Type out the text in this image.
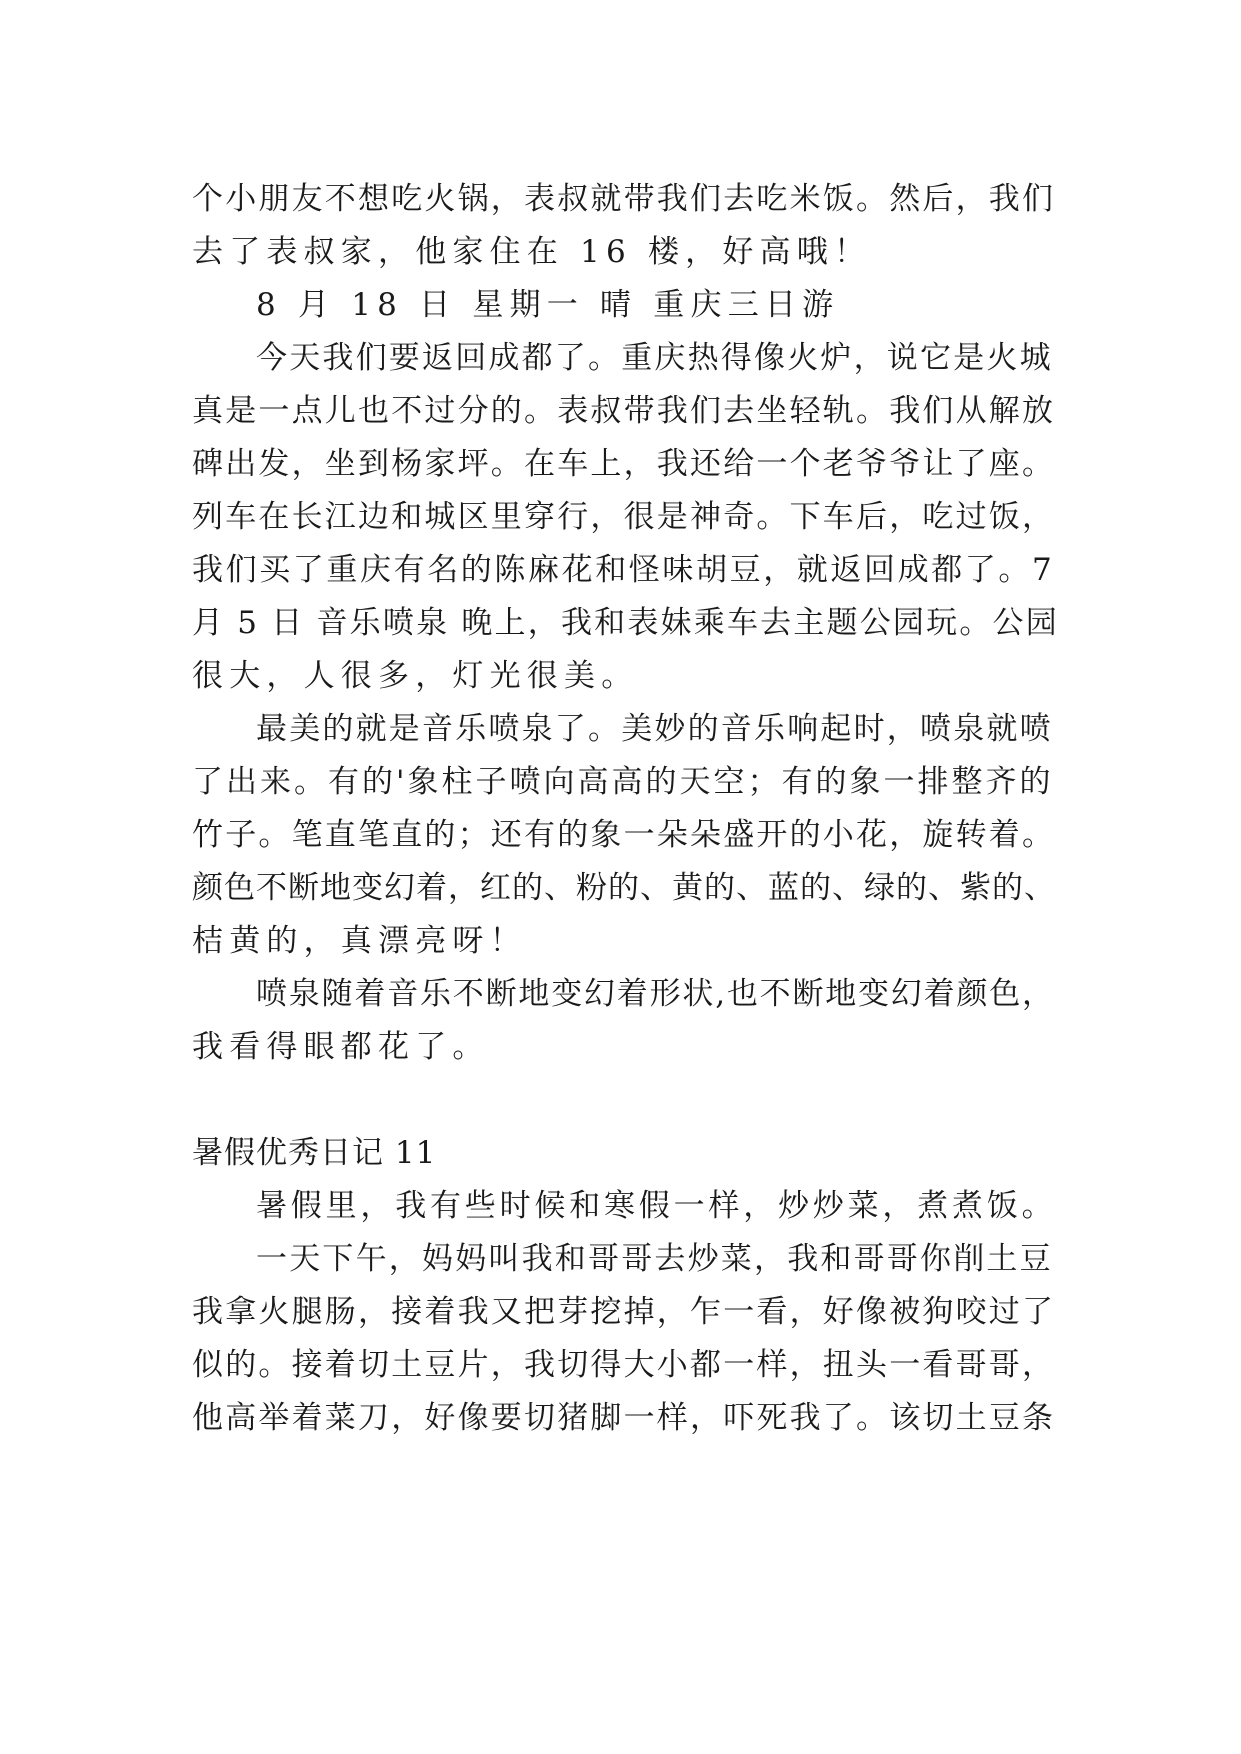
个小朋友不想吃火锅，表叔就带我们去吃米饭。然后，我们

去了表叔家，他家住在 16 楼，好高哦！

8 月 18 日 星期一 晴 重庆三日游

今天我们要返回成都了。重庆热得像火炉，说它是火城

真是一点儿也不过分的。表叔带我们去坐轻轨。我们从解放

碑出发，坐到杨家坪。在车上，我还给一个老爷爷让了座。

列车在长江边和城区里穿行，很是神奇。下车后，吃过饭，

我们买了重庆有名的陈麻花和怪味胡豆，就返回成都了。7

月 5 日 音乐喷泉 晚上，我和表妹乘车去主题公园玩。公园

很大，人很多，灯光很美。

最美的就是音乐喷泉了。美妙的音乐响起时，喷泉就喷

了出来。有的'象柱子喷向高高的天空；有的象一排整齐的

竹子。笔直笔直的；还有的象一朵朵盛开的小花，旋转着。

颜色不断地变幻着，红的、粉的、黄的、蓝的、绿的、紫的、

桔黄的，真漂亮呀！

喷泉随着音乐不断地变幻着形状,也不断地变幻着颜色，

我看得眼都花了。

暑假优秀日记 11

暑假里，我有些时候和寒假一样，炒炒菜，煮煮饭。

一天下午，妈妈叫我和哥哥去炒菜，我和哥哥你削土豆

我拿火腿肠，接着我又把芽挖掉，乍一看，好像被狗咬过了

似的。接着切土豆片，我切得大小都一样，扭头一看哥哥，

他高举着菜刀，好像要切猪脚一样，吓死我了。该切土豆条
